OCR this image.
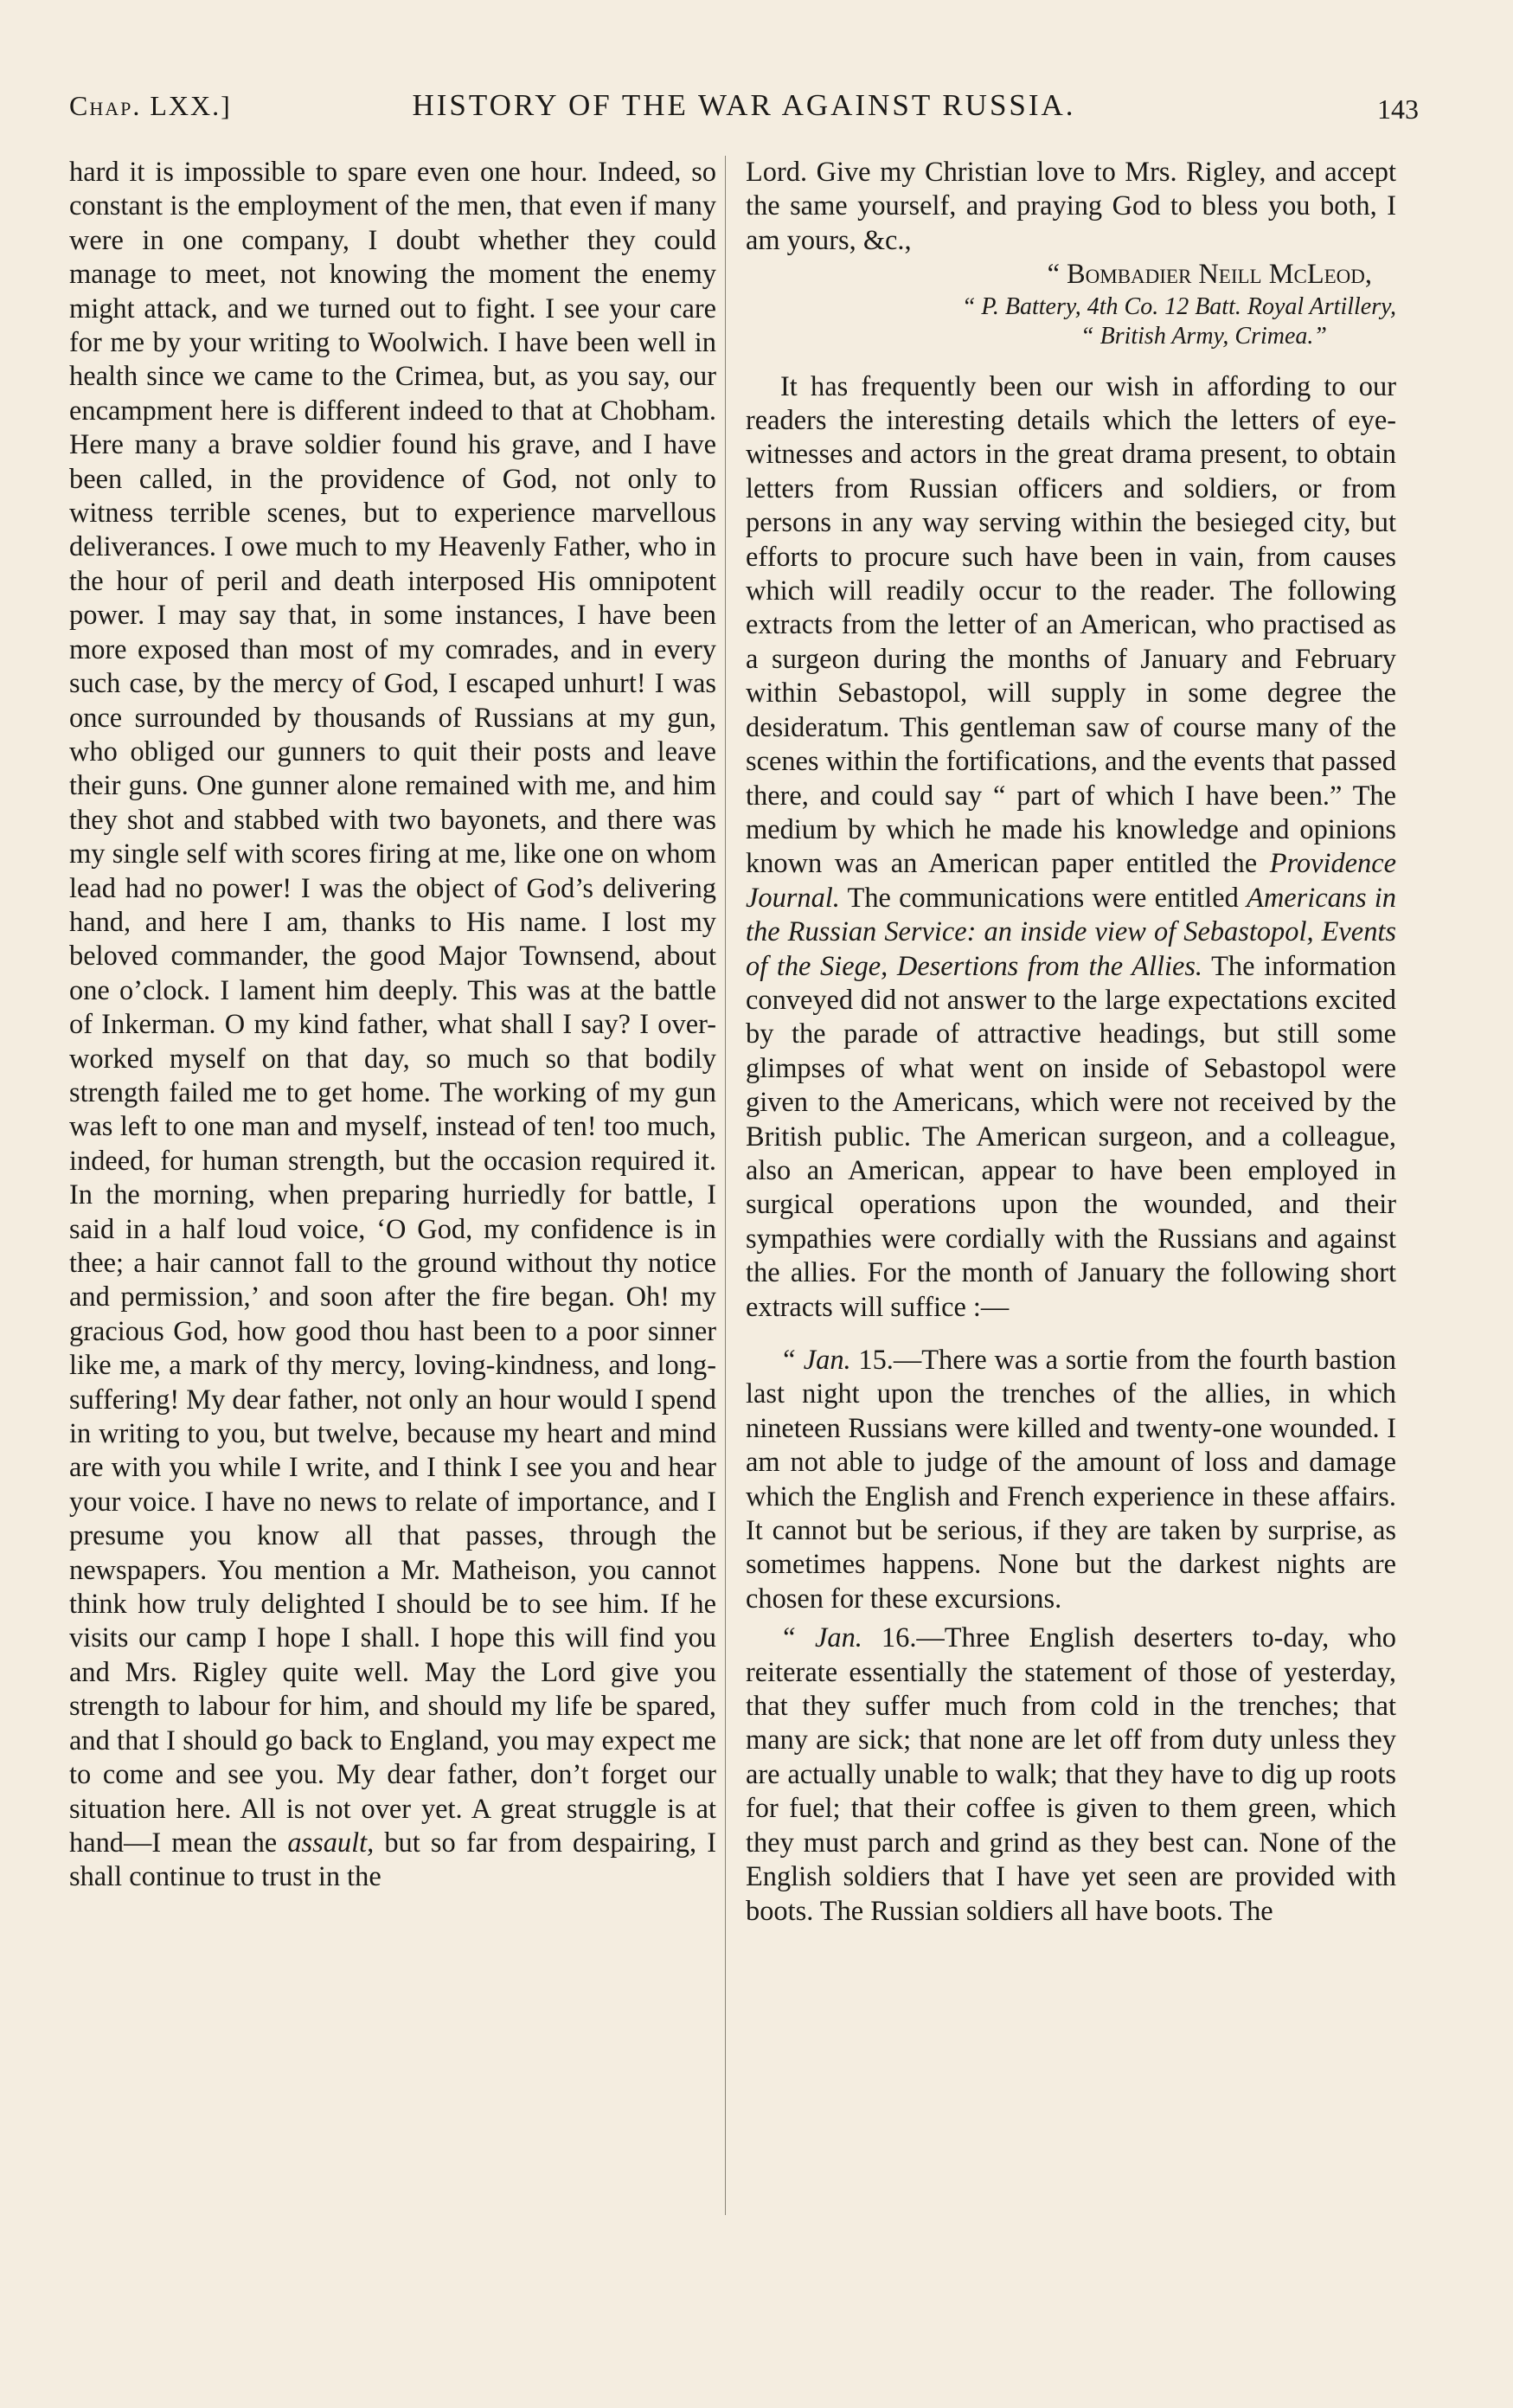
Chap. LXX.]	HISTORY OF THE WAR AGAINST RUSSIA.	143

hard it is impossible to spare even one hour. Indeed, so constant is the employment of the men, that even if many were in one company, I doubt whether they could manage to meet, not knowing the moment the enemy might attack, and we turned out to fight. I see your care for me by your writing to Woolwich. I have been well in health since we came to the Crimea, but, as you say, our encampment here is different indeed to that at Chobham. Here many a brave soldier found his grave, and I have been called, in the providence of God, not only to witness terrible scenes, but to experience marvellous deliverances. I owe much to my Heavenly Father, who in the hour of peril and death interposed His omnipotent power. I may say that, in some instances, I have been more exposed than most of my comrades, and in every such case, by the mercy of God, I escaped unhurt! I was once surrounded by thousands of Russians at my gun, who obliged our gunners to quit their posts and leave their guns. One gunner alone remained with me, and him they shot and stabbed with two bayonets, and there was my single self with scores firing at me, like one on whom lead had no power! I was the object of God’s delivering hand, and here I am, thanks to His name. I lost my beloved commander, the good Major Townsend, about one o’clock. I lament him deeply. This was at the battle of Inkerman. O my kind father, what shall I say? I over-worked myself on that day, so much so that bodily strength failed me to get home. The working of my gun was left to one man and myself, instead of ten! too much, indeed, for human strength, but the occasion required it. In the morning, when preparing hurriedly for battle, I said in a half loud voice, ‘O God, my confidence is in thee; a hair cannot fall to the ground without thy notice and permission,’ and soon after the fire began. Oh! my gracious God, how good thou hast been to a poor sinner like me, a mark of thy mercy, loving-kindness, and long-suffering! My dear father, not only an hour would I spend in writing to you, but twelve, because my heart and mind are with you while I write, and I think I see you and hear your voice. I have no news to relate of importance, and I presume you know all that passes, through the newspapers. You mention a Mr. Matheison, you cannot think how truly delighted I should be to see him. If he visits our camp I hope I shall. I hope this will find you and Mrs. Rigley quite well. May the Lord give you strength to labour for him, and should my life be spared, and that I should go back to England, you may expect me to come and see you. My dear father, don’t forget our situation here. All is not over yet. A great struggle is at hand—I mean the assault, but so far from despairing, I shall continue to trust in the

Lord. Give my Christian love to Mrs. Rigley, and accept the same yourself, and praying God to bless you both, I am yours, &c.,

“ Bombadier Neill McLeod,

“ P. Battery, 4th Co. 12 Batt. Royal Artillery,

“ British Army, Crimea.”

It has frequently been our wish in affording to our readers the interesting details which the letters of eye-witnesses and actors in the great drama present, to obtain letters from Russian officers and soldiers, or from persons in any way serving within the besieged city, but efforts to procure such have been in vain, from causes which will readily occur to the reader. The following extracts from the letter of an American, who practised as a surgeon during the months of January and February within Sebastopol, will supply in some degree the desideratum. This gentleman saw of course many of the scenes within the fortifications, and the events that passed there, and could say “ part of which I have been.” The medium by which he made his knowledge and opinions known was an American paper entitled the Providence Journal. The communications were entitled Americans in the Russian Service: an inside view of Sebastopol, Events of the Siege, Desertions from the Allies. The information conveyed did not answer to the large expectations excited by the parade of attractive headings, but still some glimpses of what went on inside of Sebastopol were given to the Americans, which were not received by the British public. The American surgeon, and a colleague, also an American, appear to have been employed in surgical operations upon the wounded, and their sympathies were cordially with the Russians and against the allies. For the month of January the following short extracts will suffice :—

“ Jan. 15.—There was a sortie from the fourth bastion last night upon the trenches of the allies, in which nineteen Russians were killed and twenty-one wounded. I am not able to judge of the amount of loss and damage which the English and French experience in these affairs. It cannot but be serious, if they are taken by surprise, as sometimes happens. None but the darkest nights are chosen for these excursions.

“ Jan. 16.—Three English deserters to-day, who reiterate essentially the statement of those of yesterday, that they suffer much from cold in the trenches; that many are sick; that none are let off from duty unless they are actually unable to walk; that they have to dig up roots for fuel; that their coffee is given to them green, which they must parch and grind as they best can. None of the English soldiers that I have yet seen are provided with boots. The Russian soldiers all have boots. The
